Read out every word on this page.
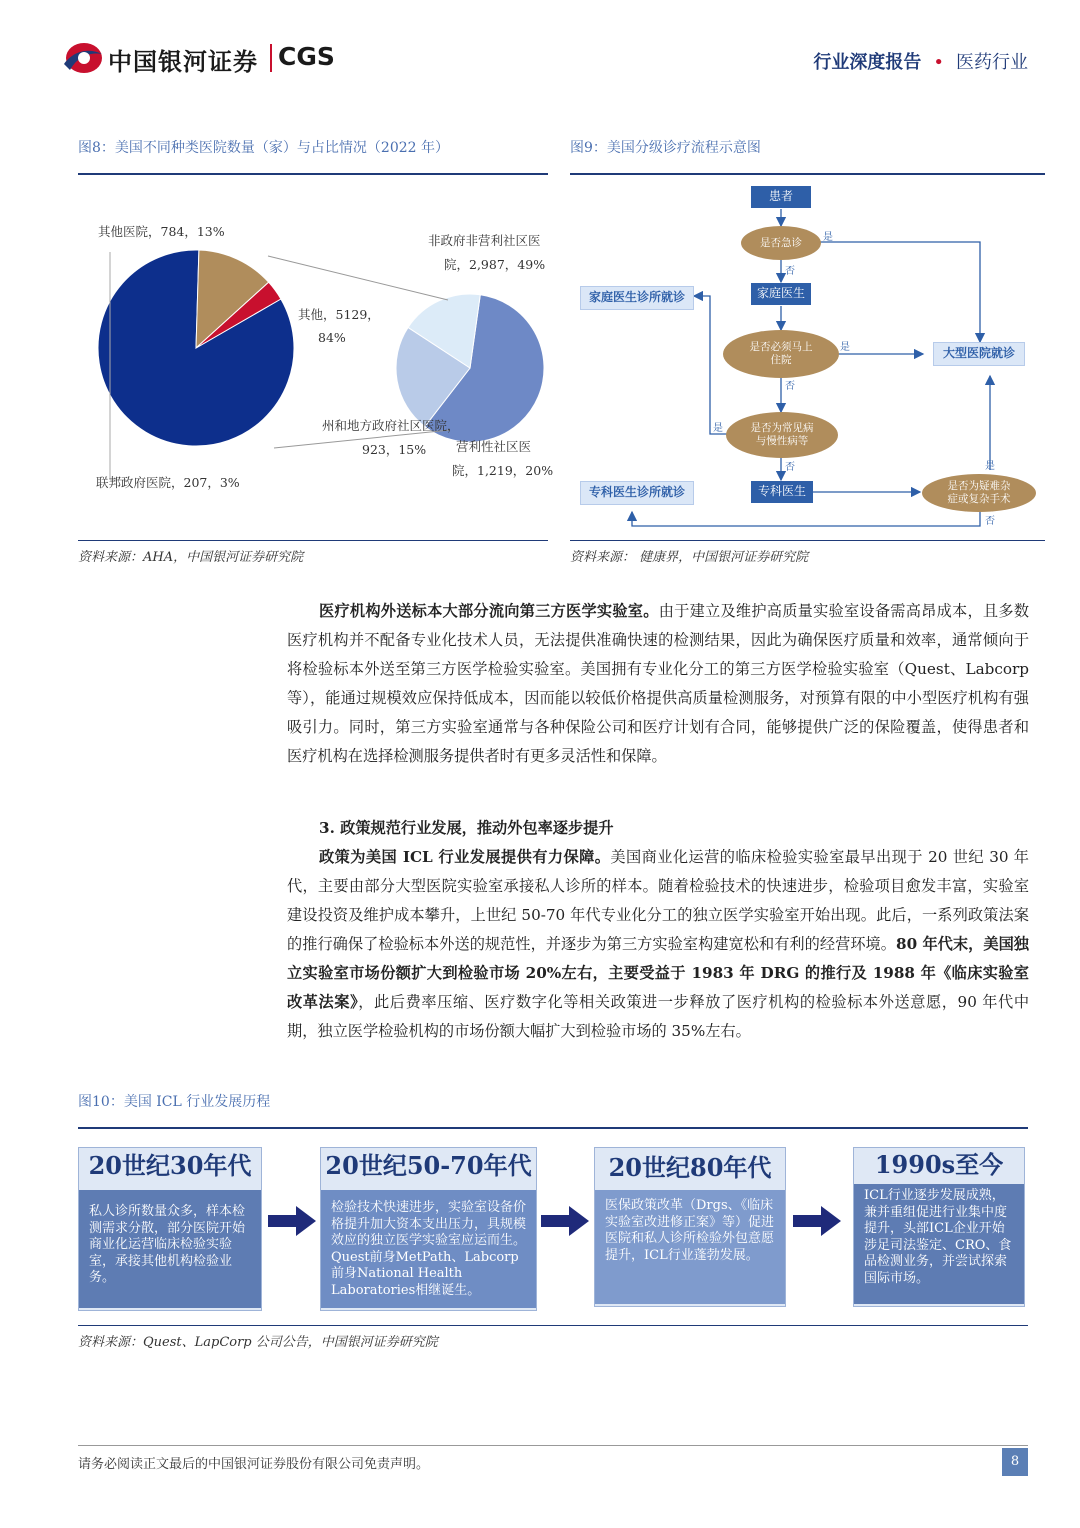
中国银河证券 CGS	行业深度报告 • 医药行业
图8：美国不同种类医院数量（家）与占比情况（2022 年）
其他医院，784，13%
联邦政府医院，207，3%
其他，5129，
84%
非政府非营利社区医
院，2,987，49%
州和地方政府社区医院，
923，15% 营利性社区医
院，1,219，20%
资料来源：AHA，中国银河证券研究院
图9：美国分级诊疗流程示意图
患者
是否急诊
家庭医生
是否必须马上
住院
是否为常见病
与慢性病等
专科医生	是否为疑难杂
症或复杂手术
家庭医生诊所就诊
大型医院就诊
专科医生诊所就诊
是
否
是
否
是
否	是
否
资料来源： 健康界，中国银河证券研究院
医疗机构外送标本大部分流向第三方医学实验室。由于建立及维护高质量实验室设备需高昂成本，且多数医疗机构并不配备专业化技术人员，无法提供准确快速的检测结果，因此为确保医疗质量和效率，通常倾向于将检验标本外送至第三方医学检验实验室。美国拥有专业化分工的第三方医学检验实验室（Quest、Labcorp 等），能通过规模效应保持低成本，因而能以较低价格提供高质量检测服务，对预算有限的中小型医疗机构有强吸引力。同时，第三方实验室通常与各种保险公司和医疗计划有合同，能够提供广泛的保险覆盖，使得患者和医疗机构在选择检测服务提供者时有更多灵活性和保障。
3. 政策规范行业发展，推动外包率逐步提升
政策为美国 ICL 行业发展提供有力保障。美国商业化运营的临床检验实验室最早出现于 20 世纪 30 年代，主要由部分大型医院实验室承接私人诊所的样本。随着检验技术的快速进步，检验项目愈发丰富，实验室建设投资及维护成本攀升，上世纪 50-70 年代专业化分工的独立医学实验室开始出现。此后，一系列政策法案的推行确保了检验标本外送的规范性，并逐步为第三方实验室构建宽松和有利的经营环境。80 年代末，美国独立实验室市场份额扩大到检验市场 20%左右，主要受益于 1983 年 DRG 的推行及 1988 年《临床实验室改革法案》，此后费率压缩、医疗数字化等相关政策进一步释放了医疗机构的检验标本外送意愿，90 年代中期，独立医学检验机构的市场份额大幅扩大到检验市场的 35%左右。
图10：美国 ICL 行业发展历程
20世纪30年代
私人诊所数量众多，样本检测需求分散，部分医院开始商业化运营临床检验实验室，承接其他机构检验业务。
20世纪50-70年代
检验技术快速进步，实验室设备价格提升加大资本支出压力，具规模效应的独立医学实验室应运而生。Quest前身MetPath、Labcorp前身National Health Laboratories相继诞生。
20世纪80年代
医保政策改革（Drgs、《临床实验室改进修正案》等）促进医院和私人诊所检验外包意愿提升，ICL行业蓬勃发展。
1990s至今
ICL行业逐步发展成熟，兼并重组促进行业集中度提升，头部ICL企业开始涉足司法鉴定、CRO、食品检测业务，并尝试探索国际市场。
资料来源：Quest、LapCorp 公司公告，中国银河证券研究院
请务必阅读正文最后的中国银河证券股份有限公司免责声明。	8
